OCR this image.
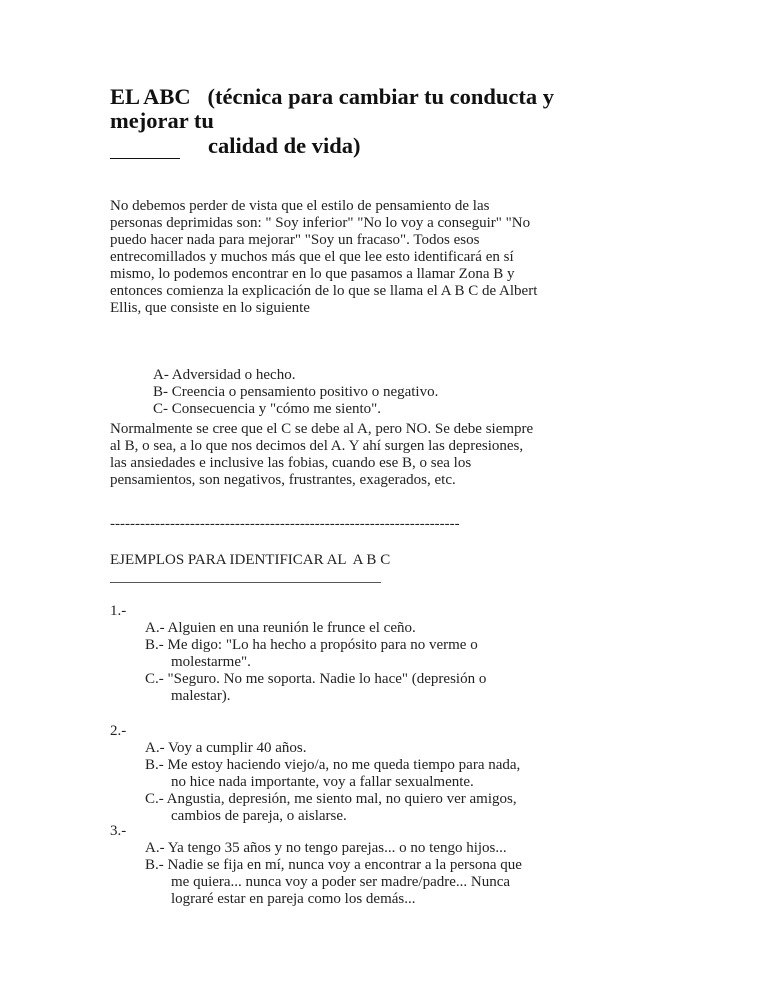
EL ABC   (técnica para cambiar tu conducta y
mejorar tu
calidad de vida)
No debemos perder de vista que el estilo de pensamiento de las
personas deprimidas son: " Soy inferior" "No lo voy a conseguir" "No
puedo hacer nada para mejorar" "Soy un fracaso". Todos esos
entrecomillados y muchos más que el que lee esto identificará en sí
mismo, lo podemos encontrar en lo que pasamos a llamar Zona B y
entonces comienza la explicación de lo que se llama el A B C de Albert
Ellis, que consiste en lo siguiente
A- Adversidad o hecho.
B- Creencia o pensamiento positivo o negativo.
C- Consecuencia y "cómo me siento".
Normalmente se cree que el C se debe al A, pero NO. Se debe siempre
al B, o sea, a lo que nos decimos del A. Y ahí surgen las depresiones,
las ansiedades e inclusive las fobias, cuando ese B, o sea los
pensamientos, son negativos, frustrantes, exagerados, etc.
----------------------------------------------------------------------
EJEMPLOS PARA IDENTIFICAR AL  A B C
1.-
A.- Alguien en una reunión le frunce el ceño.
B.- Me digo: "Lo ha hecho a propósito para no verme o
molestarme".
C.- "Seguro. No me soporta. Nadie lo hace" (depresión o
malestar).
2.-
A.- Voy a cumplir 40 años.
B.- Me estoy haciendo viejo/a, no me queda tiempo para nada,
no hice nada importante, voy a fallar sexualmente.
C.- Angustia, depresión, me siento mal, no quiero ver amigos,
cambios de pareja, o aislarse.
3.-
A.- Ya tengo 35 años y no tengo parejas... o no tengo hijos...
B.- Nadie se fija en mí, nunca voy a encontrar a la persona que
me quiera... nunca voy a poder ser madre/padre... Nunca
lograré estar en pareja como los demás...
